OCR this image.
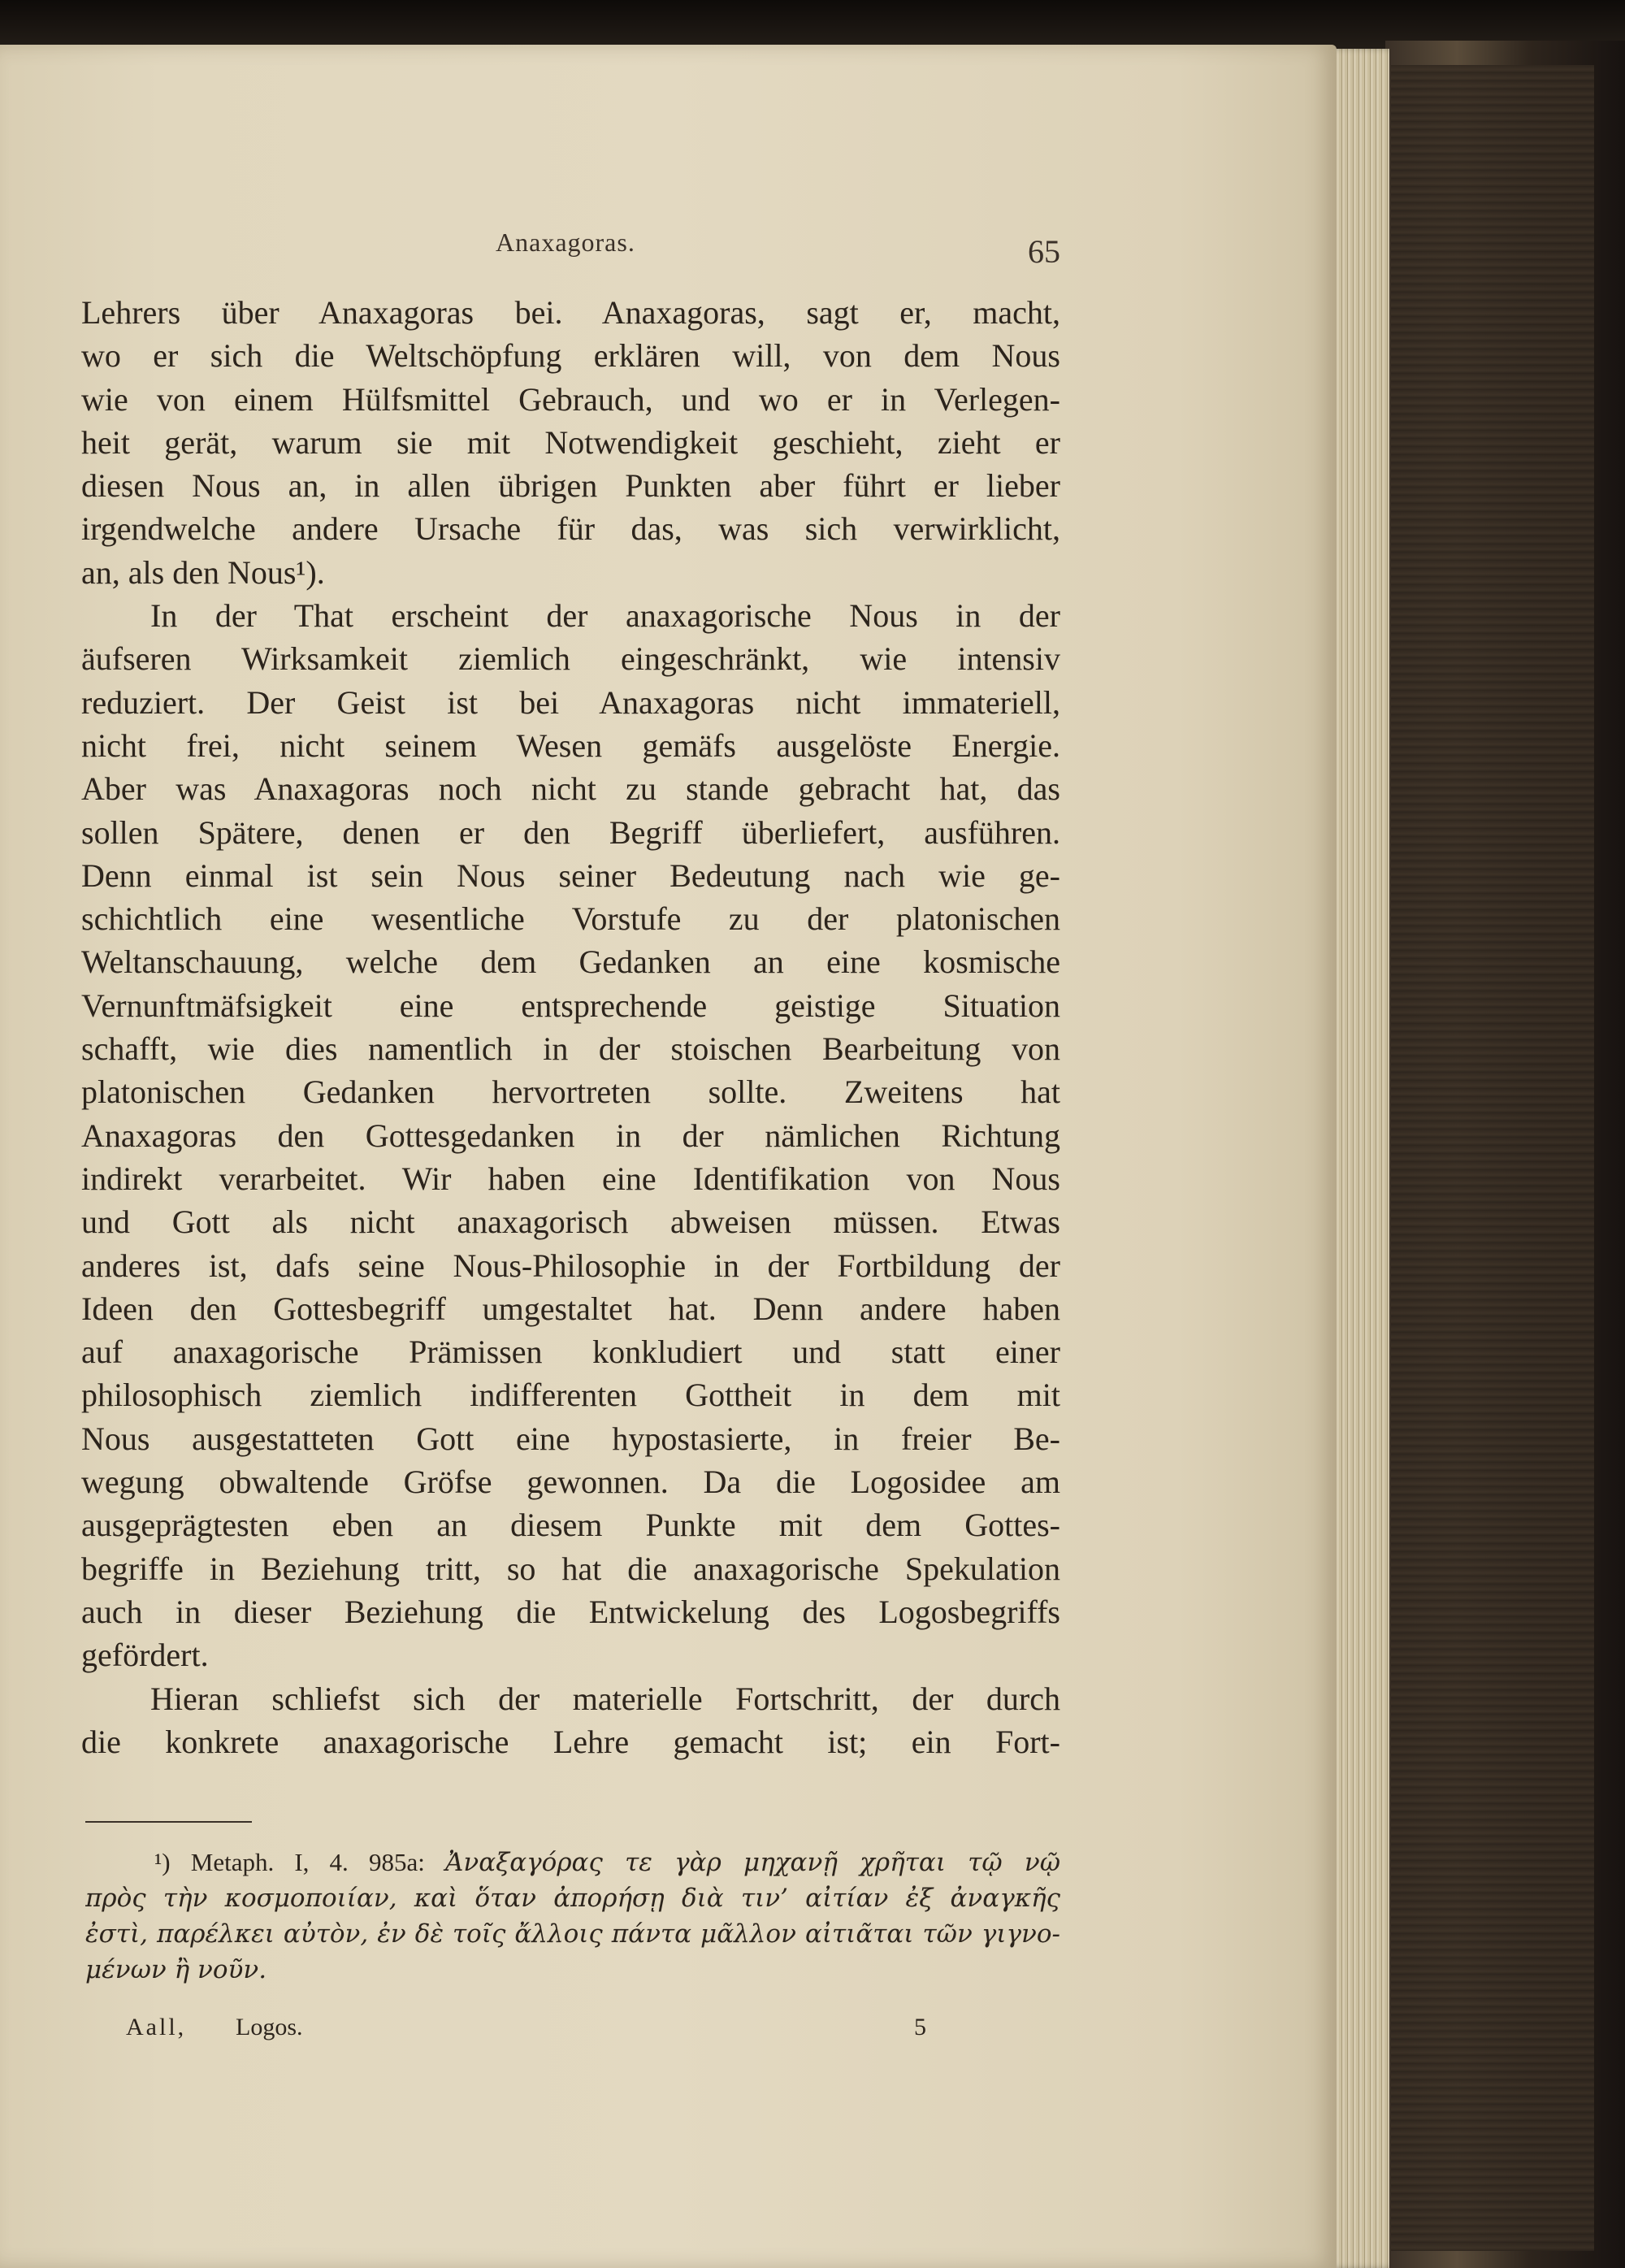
Anaxagoras.	65
Lehrers über Anaxagoras bei. Anaxagoras, sagt er, macht,
wo er sich die Weltschöpfung erklären will, von dem Nous
wie von einem Hülfsmittel Gebrauch, und wo er in Verlegen-
heit gerät, warum sie mit Notwendigkeit geschieht, zieht er
diesen Nous an, in allen übrigen Punkten aber führt er lieber
irgendwelche andere Ursache für das, was sich verwirklicht,
an, als den Nous¹).
In der That erscheint der anaxagorische Nous in der
äufseren Wirksamkeit ziemlich eingeschränkt, wie intensiv
reduziert. Der Geist ist bei Anaxagoras nicht immateriell,
nicht frei, nicht seinem Wesen gemäfs ausgelöste Energie.
Aber was Anaxagoras noch nicht zu stande gebracht hat, das
sollen Spätere, denen er den Begriff überliefert, ausführen.
Denn einmal ist sein Nous seiner Bedeutung nach wie ge-
schichtlich eine wesentliche Vorstufe zu der platonischen
Weltanschauung, welche dem Gedanken an eine kosmische
Vernunftmäfsigkeit eine entsprechende geistige Situation
schafft, wie dies namentlich in der stoischen Bearbeitung von
platonischen Gedanken hervortreten sollte. Zweitens hat
Anaxagoras den Gottesgedanken in der nämlichen Richtung
indirekt verarbeitet. Wir haben eine Identifikation von Nous
und Gott als nicht anaxagorisch abweisen müssen. Etwas
anderes ist, dafs seine Nous-Philosophie in der Fortbildung der
Ideen den Gottesbegriff umgestaltet hat. Denn andere haben
auf anaxagorische Prämissen konkludiert und statt einer
philosophisch ziemlich indifferenten Gottheit in dem mit
Nous ausgestatteten Gott eine hypostasierte, in freier Be-
wegung obwaltende Gröfse gewonnen. Da die Logosidee am
ausgeprägtesten eben an diesem Punkte mit dem Gottes-
begriffe in Beziehung tritt, so hat die anaxagorische Spekulation
auch in dieser Beziehung die Entwickelung des Logosbegriffs
gefördert.
Hieran schliefst sich der materielle Fortschritt, der durch
die konkrete anaxagorische Lehre gemacht ist; ein Fort-
¹) Metaph. I, 4. 985a: Ἀναξαγόρας τε γὰρ μηχανῇ χρῆται τῷ νῷ
πρὸς τὴν κοσμοποιίαν, καὶ ὅταν ἀπορήσῃ διὰ τιν’ αἰτίαν ἐξ ἀναγκῆς
ἐστὶ, παρέλκει αὐτὸν, ἐν δὲ τοῖς ἄλλοις πάντα μᾶλλον αἰτιᾶται τῶν γιγνο-
μένων ἢ νοῦν.
Aall, Logos.	5
